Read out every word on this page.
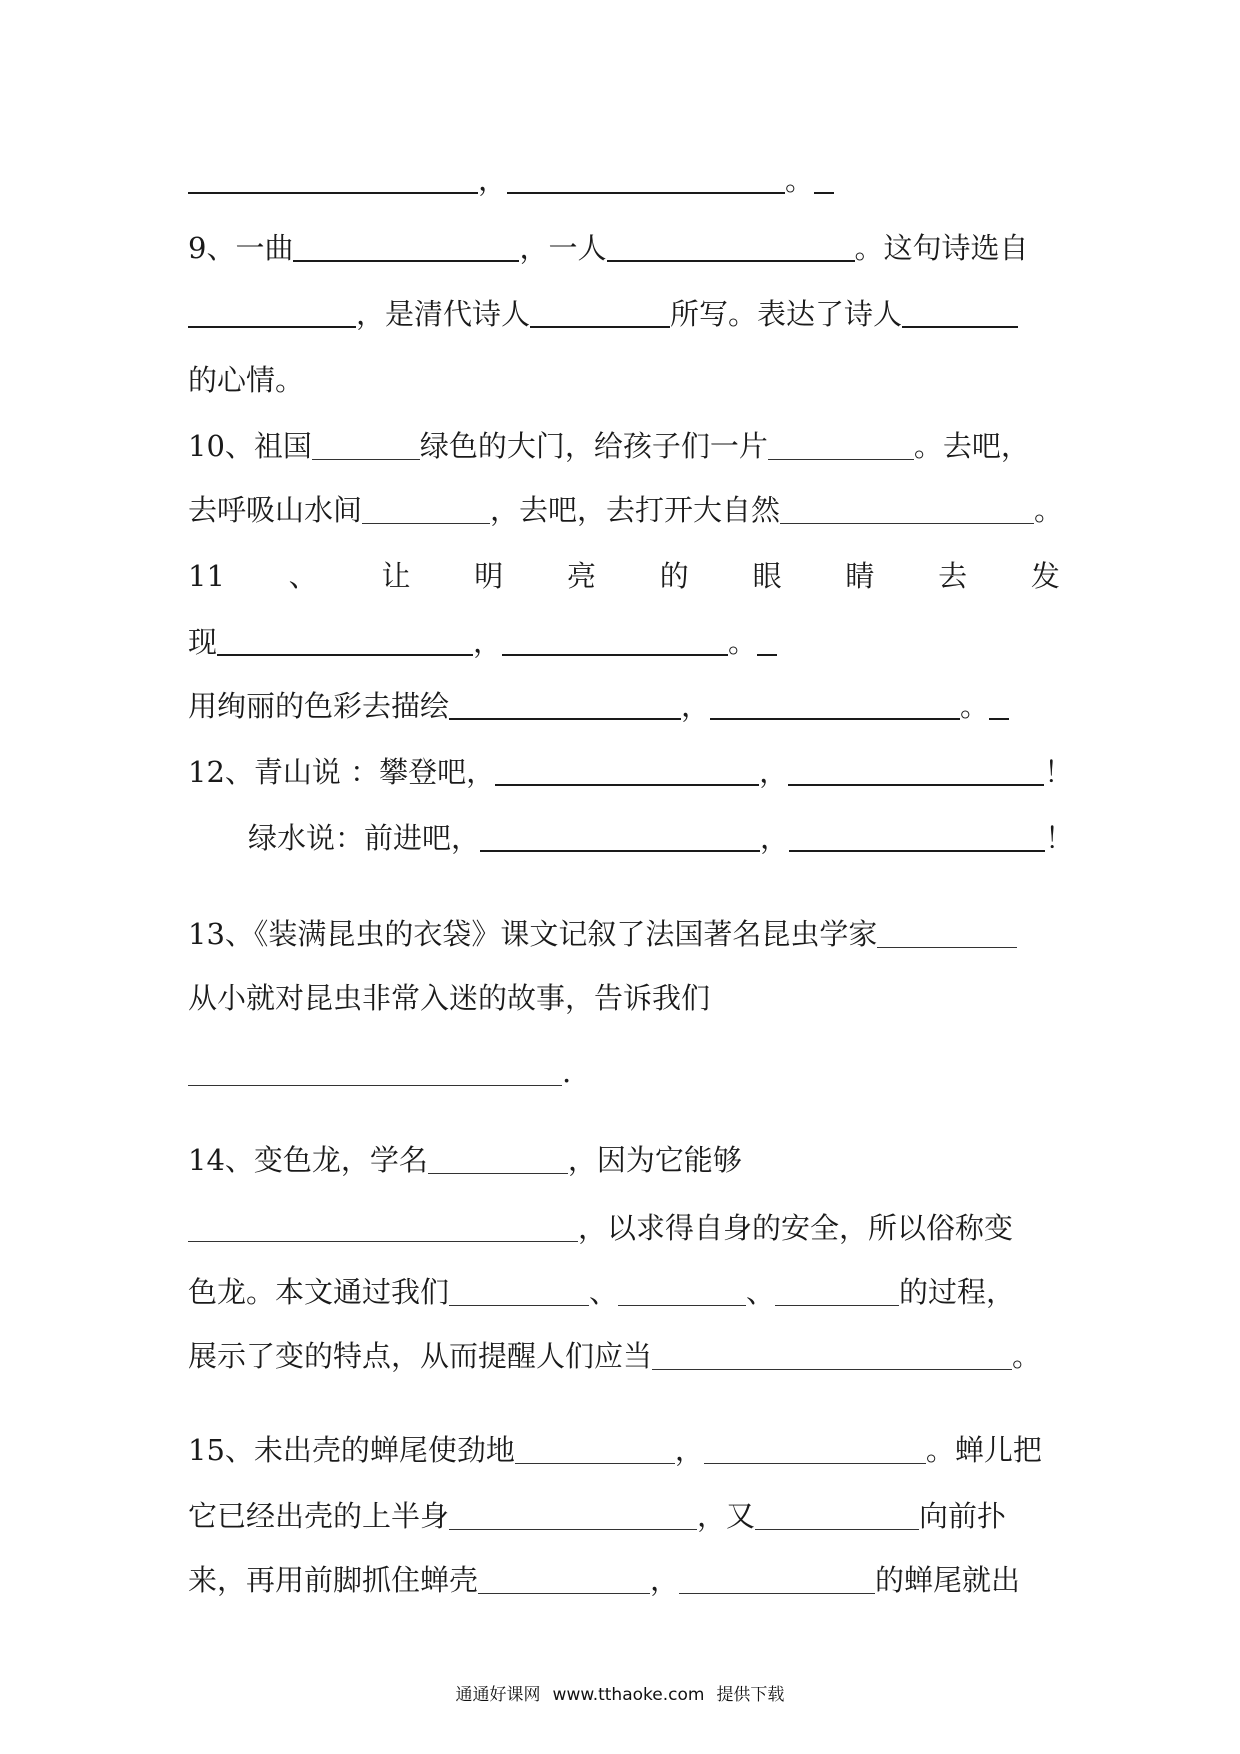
，	。
9、一曲	，一人	。这句诗选自
，是清代诗人	所写。表达了诗人
的心情。
10、祖国	绿色的大门，给孩子们一片	。去吧，
去呼吸山水间	，去吧，去打开大自然	。
11 、 让 明 亮 的 眼 睛 去 发
现	，	。
用绚丽的色彩去描绘	，	。
12、青山说 ：攀登吧，	，	！
绿水说：前进吧，	，	！
13、《装满昆虫的衣袋》课文记叙了法国著名昆虫学家
从小就对昆虫非常入迷的故事，告诉我们
.
14、变色龙，学名	，因为它能够
，以求得自身的安全，所以俗称变
色龙。本文通过我们	、	、	的过程，
展示了变的特点，从而提醒人们应当	。
15、未出壳的蝉尾使劲地	，	。蝉儿把
它已经出壳的上半身	，又	向前扑
来，再用前脚抓住蝉壳	，	的蝉尾就出
通通好课网 www.tthaoke.com 提供下载
